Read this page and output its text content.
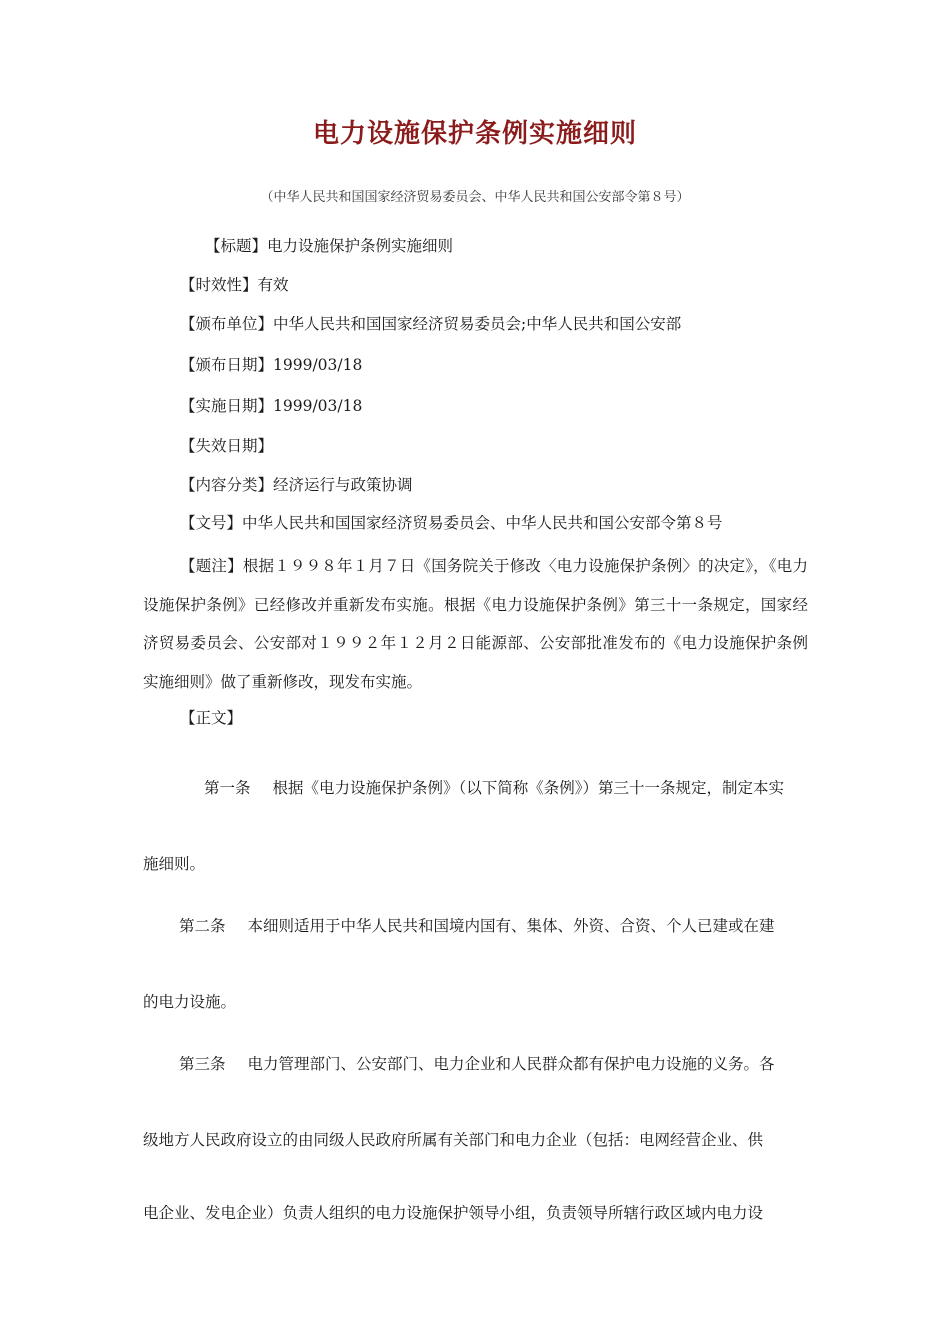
电力设施保护条例实施细则
（中华人民共和国国家经济贸易委员会、中华人民共和国公安部令第８号）
【标题】电力设施保护条例实施细则
【时效性】有效
【颁布单位】中华人民共和国国家经济贸易委员会;中华人民共和国公安部
【颁布日期】1999/03/18
【实施日期】1999/03/18
【失效日期】
【内容分类】经济运行与政策协调
【文号】中华人民共和国国家经济贸易委员会、中华人民共和国公安部令第８号
【题注】根据１９９８年１月７日《国务院关于修改〈电力设施保护条例〉的决定》，《电力设施保护条例》已经修改并重新发布实施。根据《电力设施保护条例》第三十一条规定，国家经济贸易委员会、公安部对１９９２年１２月２日能源部、公安部批准发布的《电力设施保护条例实施细则》做了重新修改，现发布实施。
【正文】
第一条 根据《电力设施保护条例》（以下简称《条例》）第三十一条规定，制定本实
施细则。
第二条 本细则适用于中华人民共和国境内国有、集体、外资、合资、个人已建或在建
的电力设施。
第三条 电力管理部门、公安部门、电力企业和人民群众都有保护电力设施的义务。各
级地方人民政府设立的由同级人民政府所属有关部门和电力企业（包括：电网经营企业、供
电企业、发电企业）负责人组织的电力设施保护领导小组，负责领导所辖行政区域内电力设
